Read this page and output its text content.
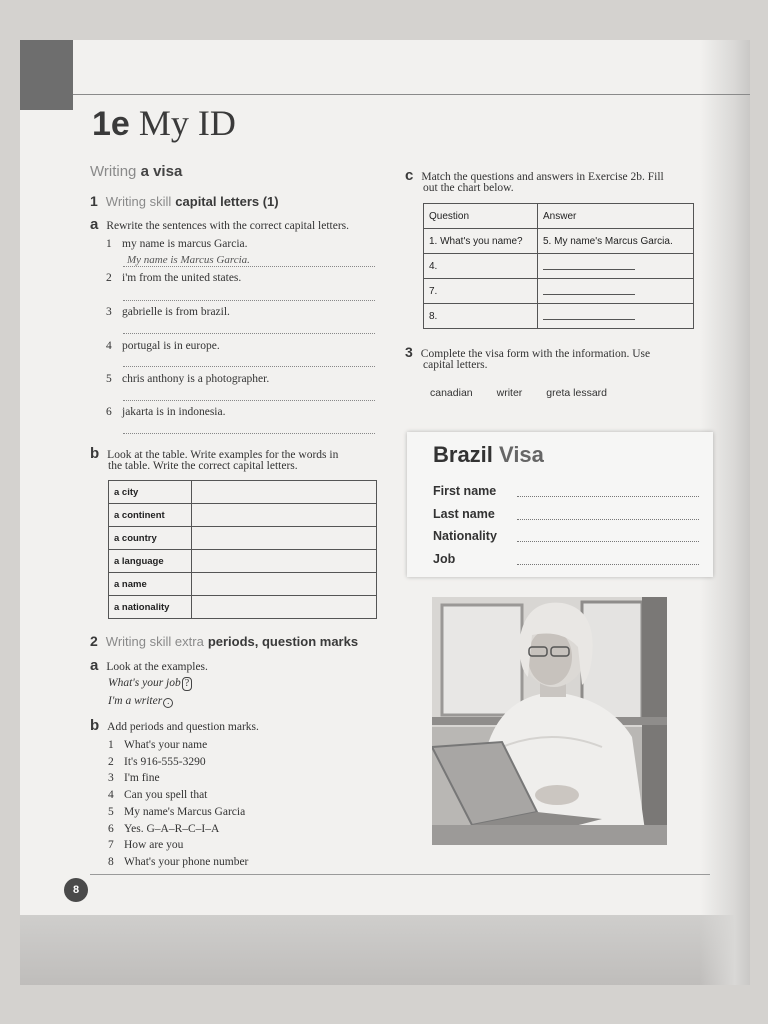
1e My ID
Writing a visa
1 Writing skill capital letters (1)
a Rewrite the sentences with the correct capital letters.
1 my name is marcus Garcia.
My name is Marcus Garcia.
2 i'm from the united states.
3 gabrielle is from brazil.
4 portugal is in europe.
5 chris anthony is a photographer.
6 jakarta is in indonesia.
b Look at the table. Write examples for the words in
the table. Write the correct capital letters.
a city	
a continent	
a country	
a language	
a name	
a nationality	
2 Writing skill extra periods, question marks
a Look at the examples.
What's your job ?
I'm a writer .
b Add periods and question marks.
1 What's your name
2 It's 916-555-3290
3 I'm fine
4 Can you spell that
5 My name's Marcus Garcia
6 Yes. G–A–R–C–I–A
7 How are you
8 What's your phone number
c Match the questions and answers in Exercise 2b. Fill
out the chart below.
Question	Answer
1. What's you name?	5. My name's Marcus Garcia.
4.	
7.	
8.	
3 Complete the visa form with the information. Use
capital letters.
canadian writer greta lessard
Brazil Visa
First name
Last name
Nationality
Job
8
